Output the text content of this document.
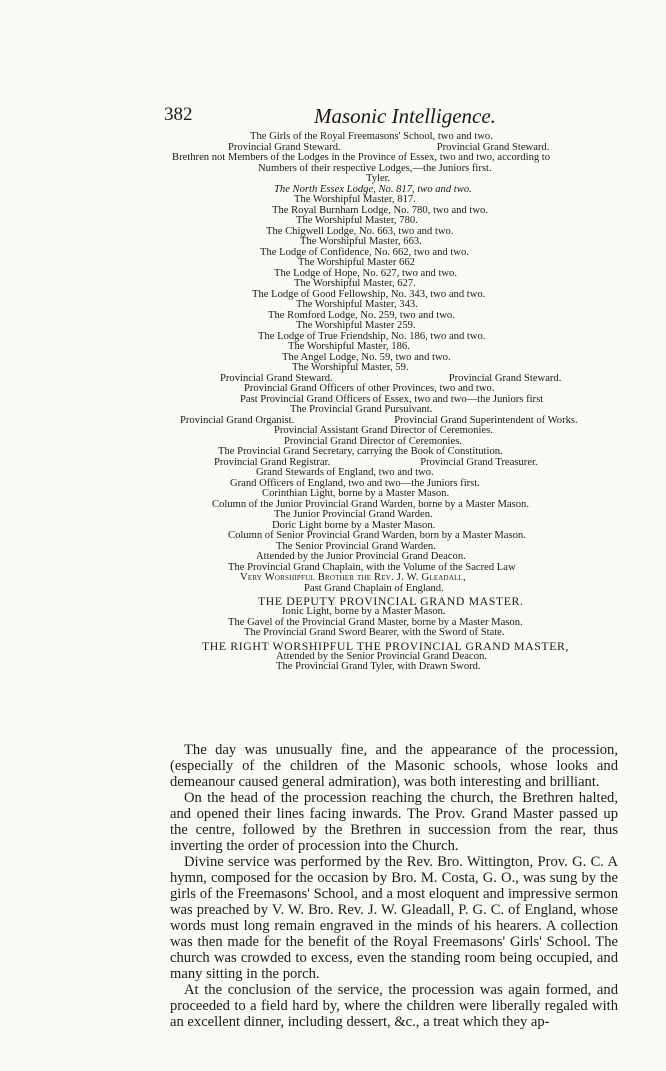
382	Masonic Intelligence.
The Girls of the Royal Freemasons' School, two and two.
Provincial Grand Steward.	Provincial Grand Steward.
Brethren not Members of the Lodges in the Province of Essex, two and two, according to
Numbers of their respective Lodges,—the Juniors first.
Tyler.
The North Essex Lodge, No. 817, two and two.
The Worshipful Master, 817.
The Royal Burnham Lodge, No. 780, two and two.
The Worshipful Master, 780.
The Chigwell Lodge, No. 663, two and two.
The Worshipful Master, 663.
The Lodge of Confidence, No. 662, two and two.
The Worshipful Master 662
The Lodge of Hope, No. 627, two and two.
The Worshipful Master, 627.
The Lodge of Good Fellowship, No. 343, two and two.
The Worshipful Master, 343.
The Romford Lodge, No. 259, two and two.
The Worshipful Master 259.
The Lodge of True Friendship, No. 186, two and two.
The Worshipful Master, 186.
The Angel Lodge, No. 59, two and two.
The Worshipful Master, 59.
Provincial Grand Steward.	Provincial Grand Steward.
Provincial Grand Officers of other Provinces, two and two.
Past Provincial Grand Officers of Essex, two and two—the Juniors first
The Provincial Grand Pursuivant.
Provincial Grand Organist.	Provincial Grand Superintendent of Works.
Provincial Assistant Grand Director of Ceremonies.
Provincial Grand Director of Ceremonies.
The Provincial Grand Secretary, carrying the Book of Constitution.
Provincial Grand Registrar.	Provincial Grand Treasurer.
Grand Stewards of England, two and two.
Grand Officers of England, two and two—the Juniors first.
Corinthian Light, borne by a Master Mason.
Column of the Junior Provincial Grand Warden, borne by a Master Mason.
The Junior Provincial Grand Warden.
Doric Light borne by a Master Mason.
Column of Senior Provincial Grand Warden, born by a Master Mason.
The Senior Provincial Grand Warden.
Attended by the Junior Provincial Grand Deacon.
The Provincial Grand Chaplain, with the Volume of the Sacred Law
Very Worshipful Brother the Rev. J. W. Gleadall,
Past Grand Chaplain of England.
THE DEPUTY PROVINCIAL GRAND MASTER.
Ionic Light, borne by a Master Mason.
The Gavel of the Provincial Grand Master, borne by a Master Mason.
The Provincial Grand Sword Bearer, with the Sword of State.
THE RIGHT WORSHIPFUL THE PROVINCIAL GRAND MASTER,
Attended by the Senior Provincial Grand Deacon.
The Provincial Grand Tyler, with Drawn Sword.

The day was unusually fine, and the appearance of the procession, (especially of the children of the Masonic schools, whose looks and demeanour caused general admiration), was both interesting and brilliant.

On the head of the procession reaching the church, the Brethren halted, and opened their lines facing inwards. The Prov. Grand Master passed up the centre, followed by the Brethren in succession from the rear, thus inverting the order of procession into the Church.

Divine service was performed by the Rev. Bro. Wittington, Prov. G. C. A hymn, composed for the occasion by Bro. M. Costa, G. O., was sung by the girls of the Freemasons' School, and a most eloquent and impressive sermon was preached by V. W. Bro. Rev. J. W. Gleadall, P. G. C. of England, whose words must long remain engraved in the minds of his hearers. A collection was then made for the benefit of the Royal Freemasons' Girls' School. The church was crowded to excess, even the standing room being occupied, and many sitting in the porch.

At the conclusion of the service, the procession was again formed, and proceeded to a field hard by, where the children were liberally regaled with an excellent dinner, including dessert, &c., a treat which they ap-
